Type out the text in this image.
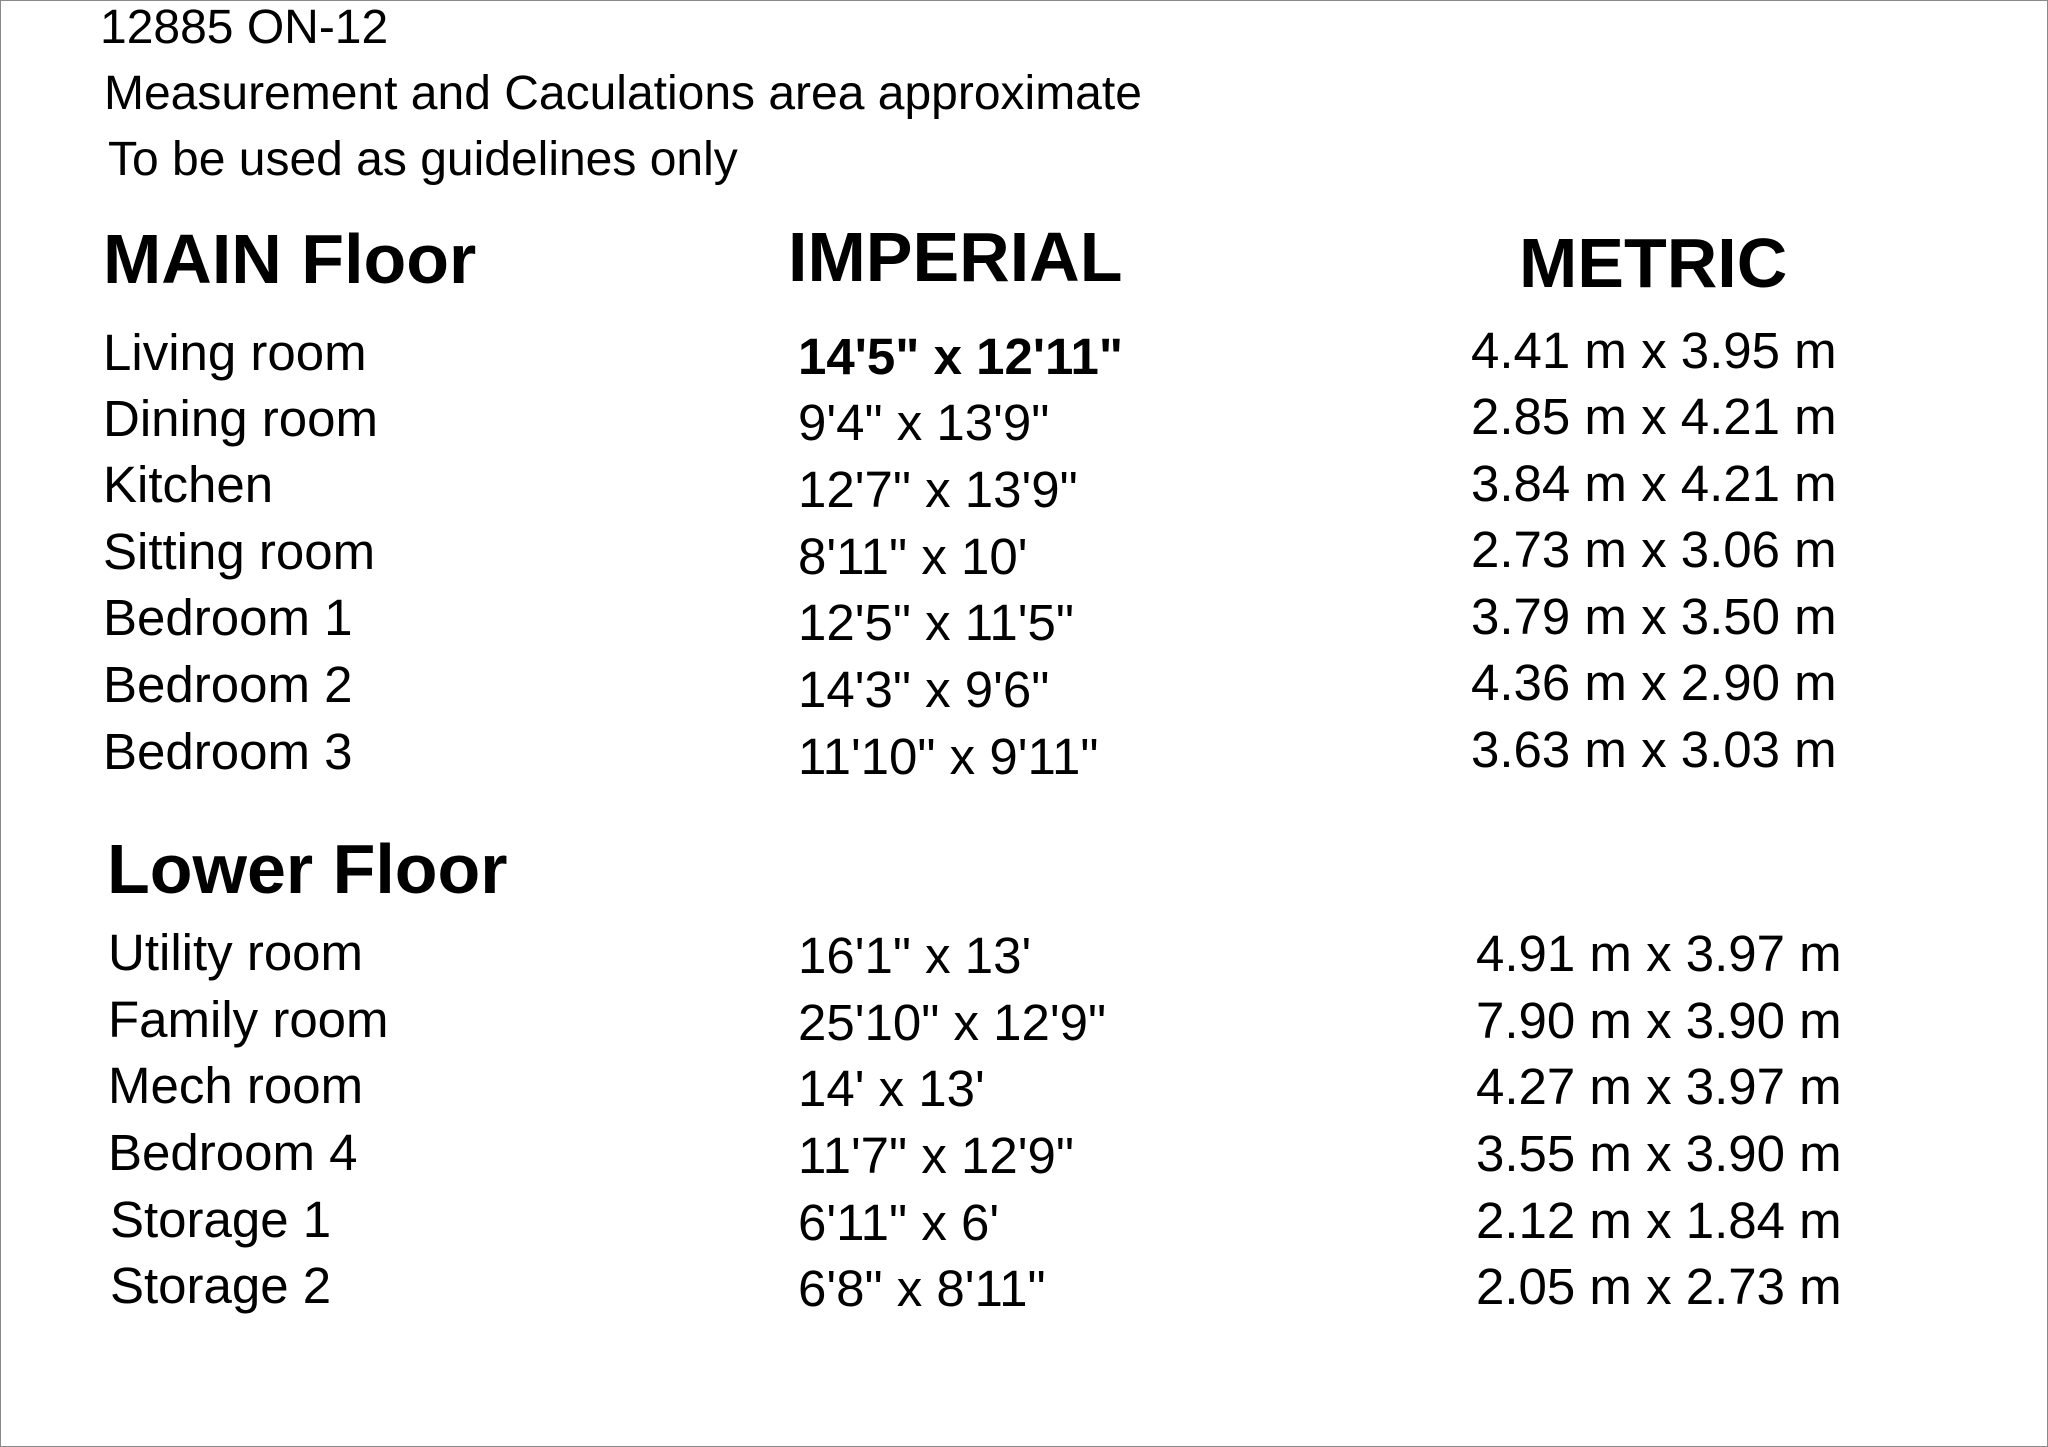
12885 ON-12
Measurement and Caculations area approximate
To be used as guidelines only
MAIN Floor	IMPERIAL	METRIC
Living room	14'5" x 12'11"	4.41 m x 3.95 m
Dining room	9'4" x 13'9"	2.85 m x 4.21 m
Kitchen	12'7" x 13'9"	3.84 m x 4.21 m
Sitting room	8'11" x 10'	2.73 m x 3.06 m
Bedroom 1	12'5" x 11'5"	3.79 m x 3.50 m
Bedroom 2	14'3" x 9'6"	4.36 m x 2.90 m
Bedroom 3	11'10" x 9'11"	3.63 m x 3.03 m
Lower Floor
Utility room	16'1" x 13'	4.91 m x 3.97 m
Family room	25'10" x 12'9"	7.90 m x 3.90 m
Mech room	14' x 13'	4.27 m x 3.97 m
Bedroom 4	11'7" x 12'9"	3.55 m x 3.90 m
Storage 1	6'11" x 6'	2.12 m x 1.84 m
Storage 2	6'8" x 8'11"	2.05 m x 2.73 m
